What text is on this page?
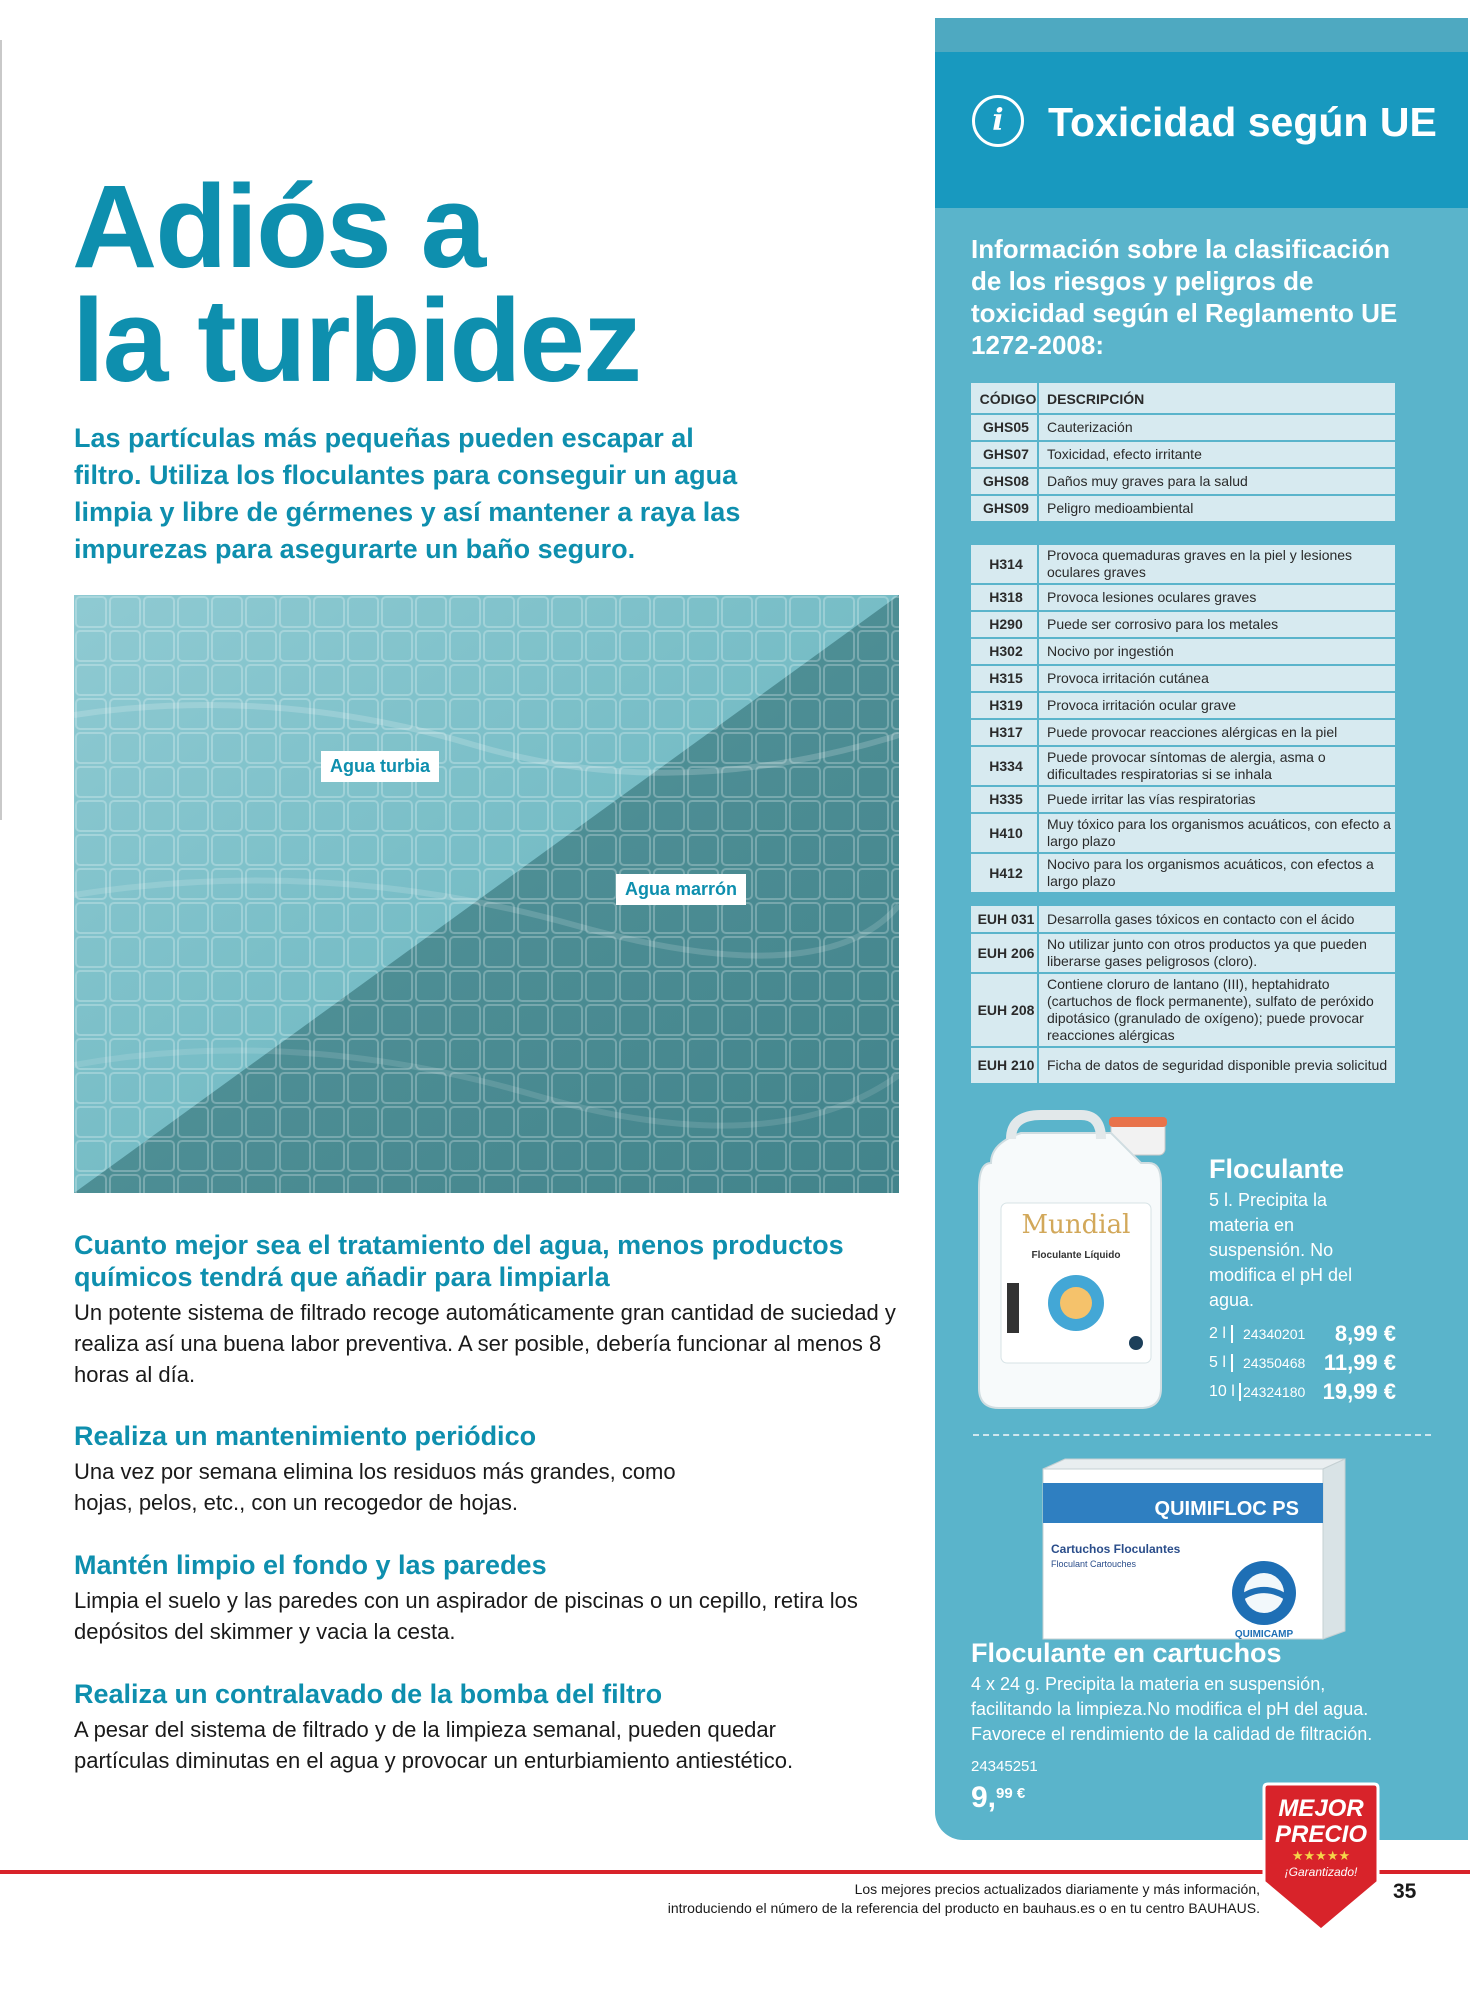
Adiós a
la turbidez
Las partículas más pequeñas pueden escapar al filtro. Utiliza los floculantes para conseguir un agua limpia y libre de gérmenes y así mantener a raya las impurezas para asegurarte un baño seguro.
Agua turbia
Agua marrón
Cuanto mejor sea el tratamiento del agua, menos productos químicos tendrá que añadir para limpiarla

Un potente sistema de filtrado recoge automáticamente gran cantidad de suciedad y realiza así una buena labor preventiva. A ser posible, debería funcionar al menos 8 horas al día.

Realiza un mantenimiento periódico

Una vez por semana elimina los residuos más grandes, como hojas, pelos, etc., con un recogedor de hojas.

Mantén limpio el fondo y las paredes

Limpia el suelo y las paredes con un aspirador de piscinas o un cepillo, retira los depósitos del skimmer y vacia la cesta.

Realiza un contralavado de la bomba del filtro

A pesar del sistema de filtrado y de la limpieza semanal, pueden quedar partículas diminutas en el agua y provocar un enturbiamiento antiestético.

i	Toxicidad según UE
Información sobre la clasificación de los riesgos y peligros de toxicidad según el Reglamento UE 1272-2008:
CÓDIGO	DESCRIPCIÓN
GHS05	Cauterización
GHS07	Toxicidad, efecto irritante
GHS08	Daños muy graves para la salud
GHS09	Peligro medioambiental
H314	Provoca quemaduras graves en la piel y lesiones oculares graves
H318	Provoca lesiones oculares graves
H290	Puede ser corrosivo para los metales
H302	Nocivo por ingestión
H315	Provoca irritación cutánea
H319	Provoca irritación ocular grave
H317	Puede provocar reacciones alérgicas en la piel
H334	Puede provocar síntomas de alergia, asma o dificultades respiratorias si se inhala
H335	Puede irritar las vías respiratorias
H410	Muy tóxico para los organismos acuáticos, con efecto a largo plazo
H412	Nocivo para los organismos acuáticos, con efectos a largo plazo
EUH 031	Desarrolla gases tóxicos en contacto con el ácido
EUH 206	No utilizar junto con otros productos ya que pueden liberarse gases peligrosos (cloro).
EUH 208	Contiene cloruro de lantano (III), heptahidrato (cartuchos de flock permanente), sulfato de peróxido dipotásico (granulado de oxígeno); puede provocar reacciones alérgicas
EUH 210	Ficha de datos de seguridad disponible previa solicitud
Mundial
Floculante Líquido
Floculante
5 l. Precipita la materia en suspensión. No modifica el pH del agua.
2 l 24340201 8,99 €
5 l 24350468 11,99 €
10 l 24324180 19,99 €
QUIMIFLOC PS
Cartuchos Floculantes
Floculant Cartouches
QUIMICAMP
Floculante en cartuchos
4 x 24 g. Precipita la materia en suspensión, facilitando la limpieza.No modifica el pH del agua. Favorece el rendimiento de la calidad de filtración.
24345251
9,99 €
Los mejores precios actualizados diariamente y más información,
introduciendo el número de la referencia del producto en bauhaus.es o en tu centro BAUHAUS.
35
MEJOR
PRECIO
★★★★★
¡Garantizado!
